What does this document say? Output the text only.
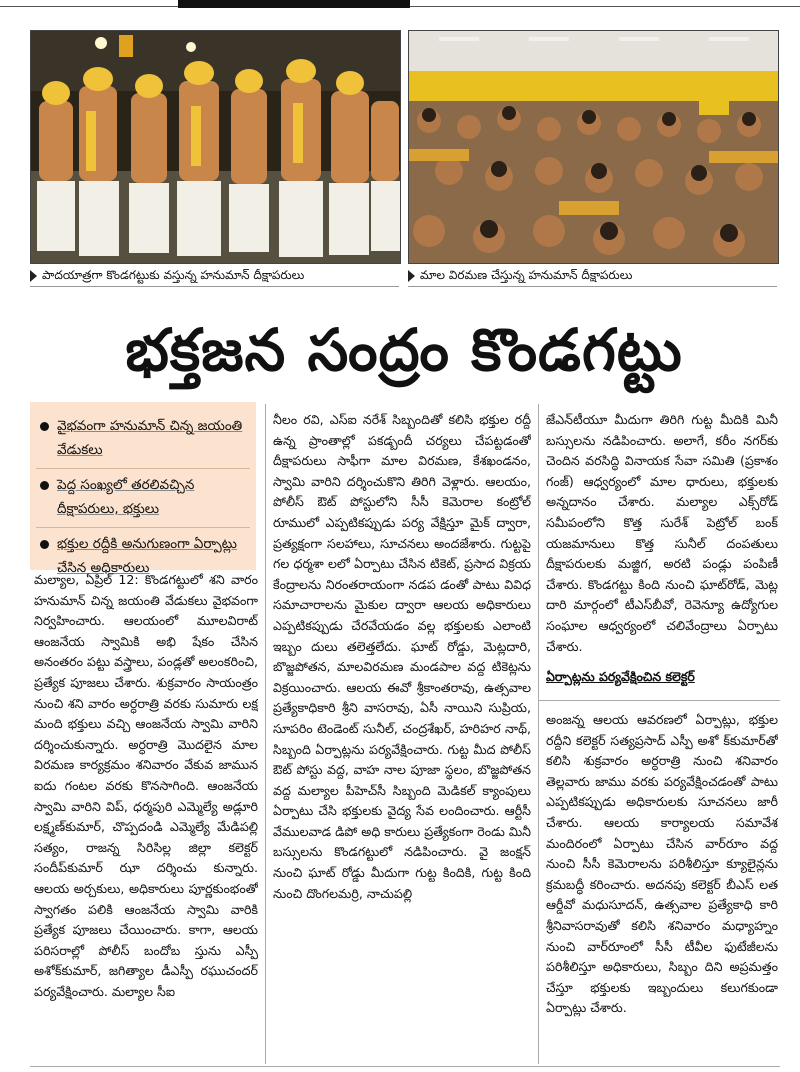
పాదయాత్రగా కొండగట్టుకు వస్తున్న హనుమాన్ దీక్షాపరులు	మాల విరమణ చేస్తున్న హనుమాన్ దీక్షాపరులు
భక్తజన సంద్రం కొండగట్టు
వైభవంగా హనుమాన్ చిన్న జయంతి వేడుకలు
పెద్ద సంఖ్యలో తరలివచ్చిన దీక్షాపరులు, భక్తులు
భక్తుల రద్దీకి అనుగుణంగా ఏర్పాట్లు చేసిన అధికారులు
మల్యాల, ఏప్రిల్ 12: కొండగట్టులో శని వారం హనుమాన్ చిన్న జయంతి వేడుకలు వైభవంగా నిర్వహించారు. ఆలయంలో మూలవిరాట్ ఆంజనేయ స్వామికి అభి షేకం చేసిన అనంతరం పట్టు వస్త్రాలు, పండ్లతో అలంకరించి, ప్రత్యేక పూజలు చేశారు. శుక్రవారం సాయంత్రం నుంచి శని వారం అర్ధరాత్రి వరకు సుమారు లక్ష మంది భక్తులు వచ్చి ఆంజనేయ స్వామి వారిని దర్శించుకున్నారు. అర్ధరాత్రి మొదలైన మాల విరమణ కార్యక్రమం శనివారం వేకువ జామున ఐదు గంటల వరకు కొనసాగింది. ఆంజనేయ స్వామి వారిని విప్, ధర్మపురి ఎమ్మెల్యే అడ్లూరి లక్ష్మణ్‌కుమార్, చొప్పదండి ఎమ్మెల్యే మేడిపల్లి సత్యం, రాజన్న సిరిసిల్ల జిల్లా కలెక్టర్ సందీప్‌కుమార్ ఝా దర్శించు కున్నారు. ఆలయ అర్చకులు, అధికారులు పూర్ణకుంభంతో స్వాగతం పలికి ఆంజనేయ స్వామి వారికి ప్రత్యేక పూజలు చేయించారు. కాగా, ఆలయ పరిసరాల్లో పోలీస్ బందోబ స్తును ఎస్పీ అశోక్‌కుమార్, జగిత్యాల డీఎస్పీ రఘుచందర్ పర్యవేక్షించారు. మల్యాల సీఐ
నీలం రవి, ఎస్ఐ నరేశ్ సిబ్బందితో కలిసి భక్తుల రద్దీ ఉన్న ప్రాంతాల్లో పకడ్బందీ చర్యలు చేపట్టడంతో దీక్షాపరులు సాఫీగా మాల విరమణ, కేశఖండనం, స్వామి వారిని దర్శించుకొని తిరిగి వెళ్లారు. ఆలయం, పోలీస్ ఔట్ పోస్టులోని సీసీ కెమెరాల కంట్రోల్ రూములో ఎప్పటికప్పుడు పర్య వేక్షిస్తూ మైక్ ద్వారా, ప్రత్యక్షంగా సలహాలు, సూచనలు అందజేశారు. గుట్టపై గల ధర్మశా లలో ఏర్పాటు చేసిన టికెట్, ప్రసాద విక్రయ కేంద్రాలను నిరంతరాయంగా నడప డంతో పాటు వివిధ సమాచారాలను మైకుల ద్వారా ఆలయ అధికారులు ఎప్పటికప్పుడు చేరవేయడం వల్ల భక్తులకు ఎలాంటి ఇబ్బం దులు తలెత్తలేదు. ఘాట్ రోడ్డు, మెట్లదారి, బొజ్జపోతన, మాలవిరమణ మండపాల వద్ద టికెట్లను విక్రయించారు. ఆలయ ఈవో శ్రీకాంతరావు, ఉత్సవాల ప్రత్యేకాధికారి శ్రీని వాసరావు, ఏసీ నాయిని సుప్రియ, సూపరిం టెండెంట్ సునీల్, చంద్రశేఖర్, హరిహర నాథ్, సిబ్బంది ఏర్పాట్లను పర్యవేక్షించారు. గుట్ట మీద పోలీస్ ఔట్ పోస్టు వద్ద, వాహ నాల పూజా స్థలం, బొజ్జపోతన వద్ద మల్యాల పీహెచ్‌సీ సిబ్బంది మెడికల్ క్యాంపులు ఏర్పాటు చేసి భక్తులకు వైద్య సేవ లందించారు. ఆర్టీసీ వేములవాడ డిపో అధి కారులు ప్రత్యేకంగా రెండు మినీ బస్సులను కొండగట్టులో నడిపించారు. వై జంక్షన్ నుంచి ఘాట్ రోడ్డు మీదుగా గుట్ట కిందికి, గుట్ట కింది నుంచి దొంగలమర్రి, నాచుపల్లి
జేఎన్‌టీయూ మీదుగా తిరిగి గుట్ట మీదికి మినీ బస్సులను నడిపించారు. అలాగే, కరీం నగర్‌కు చెందిన వరసిద్ధి వినాయక సేవా సమితి (ప్రకాశం గంజ్) ఆధ్వర్యంలో మాల ధారులు, భక్తులకు అన్నదానం చేశారు. మల్యాల ఎక్స్‌రోడ్ సమీపంలోని కొత్త సురేశ్ పెట్రోల్ బంక్ యజమానులు కొత్త సునీల్ దంపతులు దీక్షాపరులకు మజ్జిగ, అరటి పండ్లు పంపిణీ చేశారు. కొండగట్టు కింది నుంచి ఘాట్‌రోడ్, మెట్ల దారి మార్గంలో టీఎస్‌బీవో, రెవెన్యూ ఉద్యోగుల సంఘాల ఆధ్వర్యంలో చలివేంద్రాలు ఏర్పాటు చేశారు.
ఏర్పాట్లను పర్యవేక్షించిన కలెక్టర్
అంజన్న ఆలయ ఆవరణలో ఏర్పాట్లు, భక్తుల రద్దీని కలెక్టర్ సత్యప్రసాద్ ఎస్పీ అశో క్‌కుమార్‌తో కలిసి శుక్రవారం అర్ధరాత్రి నుంచి శనివారం తెల్లవారు జాము వరకు పర్యవేక్షించడంతో పాటు ఎప్పటికప్పుడు అధికారులకు సూచనలు జారీ చేశారు. ఆలయ కార్యాలయ సమావేశ మందిరంలో ఏర్పాటు చేసిన వార్‌రూం వద్ద నుంచి సీసీ కెమెరాలను పరిశీలిస్తూ క్యూలైన్లను క్రమబద్ధీ కరించారు. అదనపు కలెక్టర్ బీఎస్ లత ఆర్డీవో మధుసూదన్, ఉత్సవాల ప్రత్యేకాధి కారి శ్రీనివాసరావుతో కలిసి శనివారం మధ్యాహ్నం నుంచి వార్‌రూంలో సీసీ టీవీల ఫుటేజీలను పరిశీలిస్తూ అధికారులు, సిబ్బం దిని అప్రమత్తం చేస్తూ భక్తులకు ఇబ్బందులు కలుగకుండా ఏర్పాట్లు చేశారు.
